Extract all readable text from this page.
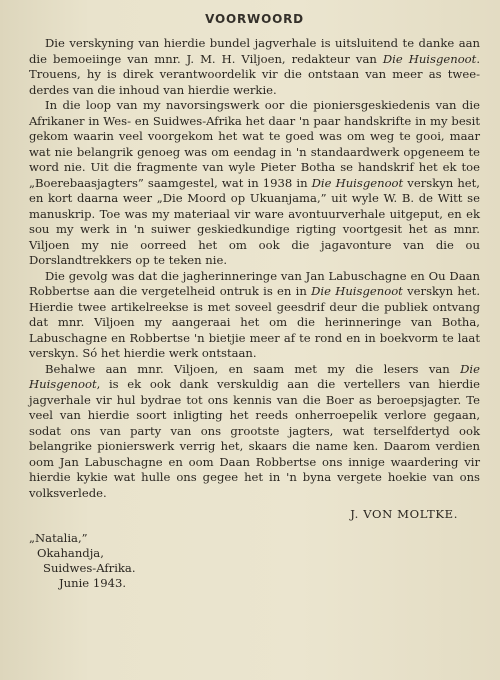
VOORWOORD

Die verskyning van hierdie bundel jagverhale is uitsluitend te danke aan die bemoeiinge van mnr. J. M. H. Viljoen, redakteur van Die Huisgenoot. Trouens, hy is direk verantwoordelik vir die ontstaan van meer as twee-derdes van die inhoud van hierdie werkie.

In die loop van my navorsingswerk oor die pioniersgeskiedenis van die Afrikaner in Wes- en Suidwes-Afrika het daar 'n paar handskrifte in my besit gekom waarin veel voorgekom het wat te goed was om weg te gooi, maar wat nie belangrik genoeg was om eendag in 'n standaardwerk opgeneem te word nie. Uit die fragmente van wyle Pieter Botha se handskrif het ek toe „Boerebaasjagters” saamgestel, wat in 1938 in Die Huisgenoot verskyn het, en kort daarna weer „Die Moord op Ukuanjama,” uit wyle W. B. de Witt se manuskrip. Toe was my materiaal vir ware avontuurverhale uitgeput, en ek sou my werk in 'n suiwer geskiedkundige rigting voortgesit het as mnr. Viljoen my nie oorreed het om ook die jagavonture van die ou Dorslandtrekkers op te teken nie.

Die gevolg was dat die jagherinneringe van Jan Labuschagne en Ou Daan Robbertse aan die vergetelheid ontruk is en in Die Huisgenoot verskyn het. Hierdie twee artikelreekse is met soveel geesdrif deur die publiek ontvang dat mnr. Viljoen my aangeraai het om die herinneringe van Botha, Labuschagne en Robbertse 'n bietjie meer af te rond en in boekvorm te laat verskyn. Só het hierdie werk ontstaan.

Behalwe aan mnr. Viljoen, en saam met my die lesers van Die Huisgenoot, is ek ook dank verskuldig aan die vertellers van hierdie jagverhale vir hul bydrae tot ons kennis van die Boer as beroepsjagter. Te veel van hierdie soort inligting het reeds onherroepelik verlore gegaan, sodat ons van party van ons grootste jagters, wat terselfdertyd ook belangrike pionierswerk verrig het, skaars die name ken. Daarom verdien oom Jan Labuschagne en oom Daan Robbertse ons innige waardering vir hierdie kykie wat hulle ons gegee het in 'n byna vergete hoekie van ons volksverlede.

J. VON MOLTKE.
„Natalia,”
Okahandja,
Suidwes-Afrika.
Junie 1943.
